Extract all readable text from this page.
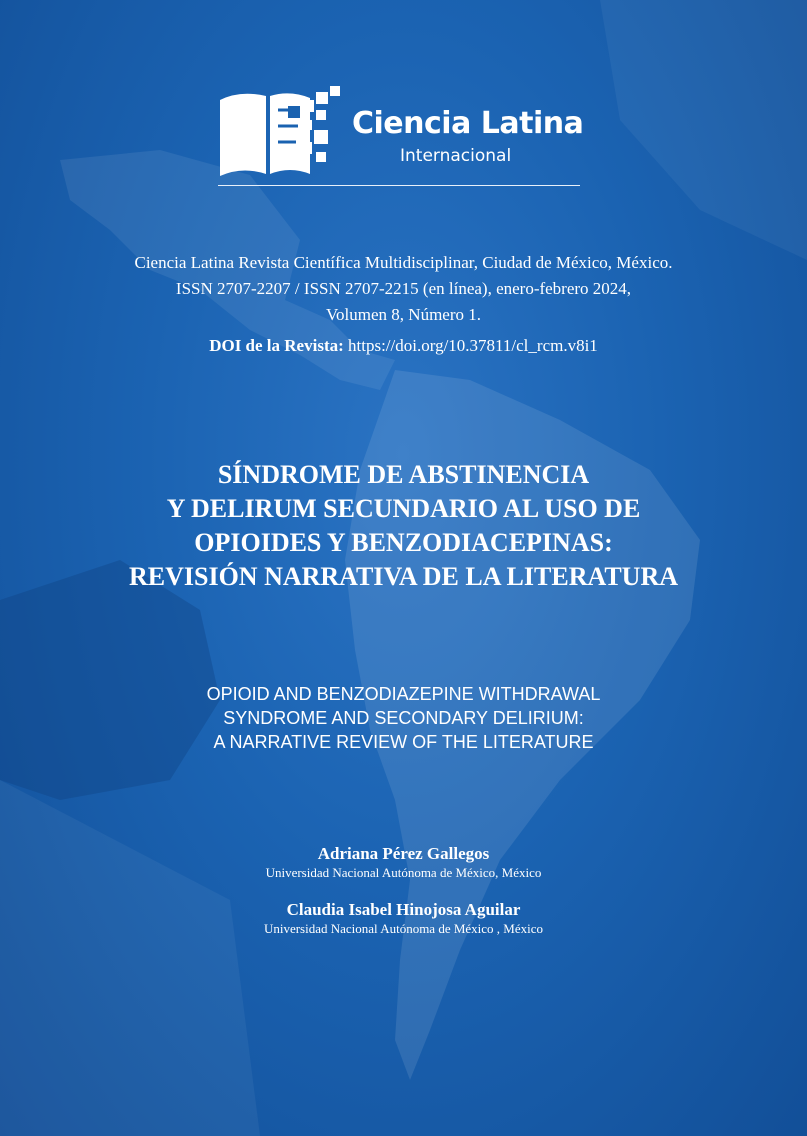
Ciencia Latina
Internacional
Ciencia Latina Revista Científica Multidisciplinar, Ciudad de México, México.
ISSN 2707-2207 / ISSN 2707-2215 (en línea), enero-febrero 2024,
Volumen 8, Número 1.
DOI de la Revista: https://doi.org/10.37811/cl_rcm.v8i1
SÍNDROME DE ABSTINENCIA
Y DELIRUM SECUNDARIO AL USO DE
OPIOIDES Y BENZODIACEPINAS:
REVISIÓN NARRATIVA DE LA LITERATURA
OPIOID AND BENZODIAZEPINE WITHDRAWAL
SYNDROME AND SECONDARY DELIRIUM:
A NARRATIVE REVIEW OF THE LITERATURE
Adriana Pérez Gallegos
Universidad Nacional Autónoma de México, México
Claudia Isabel Hinojosa Aguilar
Universidad Nacional Autónoma de México , México
